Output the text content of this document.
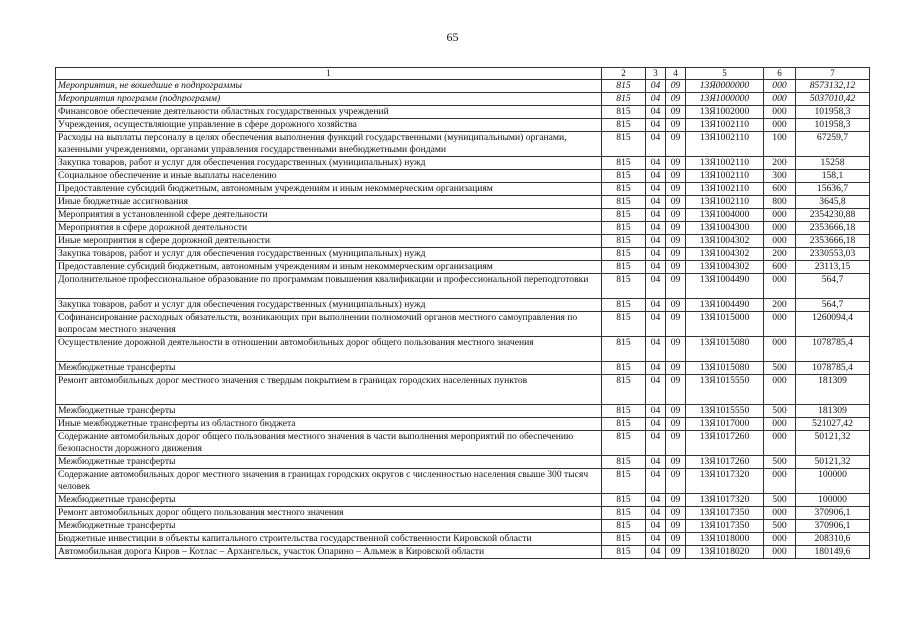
65
1	2	3	4	5	6	7
Мероприятия, не вошедшие в подпрограммы	815	04	09	13Я0000000	000	8573132,12
Мероприятия программ (подпрограмм)	815	04	09	13Я1000000	000	5037010,42
Финансовое обеспечение деятельности областных государственных учреждений	815	04	09	13Я1002000	000	101958,3
Учреждения, осуществляющие управление в сфере дорожного хозяйства	815	04	09	13Я1002110	000	101958,3
Расходы на выплаты персоналу в целях обеспечения выполнения функций государственными (муниципальными) органами, казенными учреждениями, органами управления государственными внебюджетными фондами	815	04	09	13Я1002110	100	67259,7
Закупка товаров, работ и услуг для обеспечения государственных (муниципальных) нужд	815	04	09	13Я1002110	200	15258
Социальное обеспечение и иные выплаты населению	815	04	09	13Я1002110	300	158,1
Предоставление субсидий бюджетным, автономным учреждениям и иным некоммерческим организациям	815	04	09	13Я1002110	600	15636,7
Иные бюджетные ассигнования	815	04	09	13Я1002110	800	3645,8
Мероприятия в установленной сфере деятельности	815	04	09	13Я1004000	000	2354230,88
Мероприятия в сфере дорожной деятельности	815	04	09	13Я1004300	000	2353666,18
Иные мероприятия в сфере дорожной деятельности	815	04	09	13Я1004302	000	2353666,18
Закупка товаров, работ и услуг для обеспечения государственных (муниципальных) нужд	815	04	09	13Я1004302	200	2330553,03
Предоставление субсидий бюджетным, автономным учреждениям и иным некоммерческим организациям	815	04	09	13Я1004302	600	23113,15
Дополнительное профессиональное образование по программам повышения квалификации и профессиональной переподготовки	815	04	09	13Я1004490	000	564,7
Закупка товаров, работ и услуг для обеспечения государственных (муниципальных) нужд	815	04	09	13Я1004490	200	564,7
Софинансирование расходных обязательств, возникающих при выполнении полномочий органов местного самоуправления по вопросам местного значения	815	04	09	13Я1015000	000	1260094,4
Осуществление дорожной деятельности в отношении автомобильных дорог общего пользования местного значения	815	04	09	13Я1015080	000	1078785,4
Межбюджетные трансферты	815	04	09	13Я1015080	500	1078785,4
Ремонт автомобильных дорог местного значения с твердым покрытием в границах городских населенных пунктов	815	04	09	13Я1015550	000	181309
Межбюджетные трансферты	815	04	09	13Я1015550	500	181309
Иные межбюджетные трансферты из областного бюджета	815	04	09	13Я1017000	000	521027,42
Содержание автомобильных дорог общего пользования местного значения в части выполнения мероприятий по обеспечению безопасности дорожного движения	815	04	09	13Я1017260	000	50121,32
Межбюджетные трансферты	815	04	09	13Я1017260	500	50121,32
Содержание автомобильных дорог местного значения в границах городских округов с численностью населения свыше 300 тысяч человек	815	04	09	13Я1017320	000	100000
Межбюджетные трансферты	815	04	09	13Я1017320	500	100000
Ремонт автомобильных дорог общего пользования местного значения	815	04	09	13Я1017350	000	370906,1
Межбюджетные трансферты	815	04	09	13Я1017350	500	370906,1
Бюджетные инвестиции в объекты капитального строительства государственной собственности Кировской области	815	04	09	13Я1018000	000	208310,6
Автомобильная дорога Киров – Котлас – Архангельск, участок Опарино – Альмеж в Кировской области	815	04	09	13Я1018020	000	180149,6
